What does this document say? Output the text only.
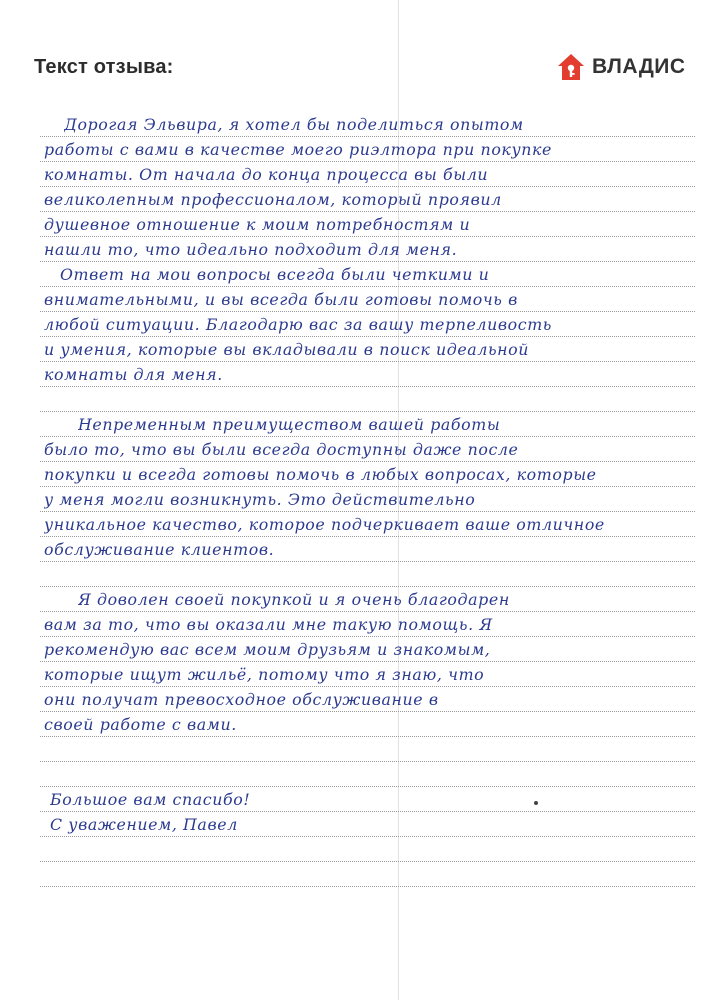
Текст отзыва:	ВЛАДИС
Дорогая Эльвира, я хотел бы поделиться опытом
работы с вами в качестве моего риэлтора при покупке
комнаты. От начала до конца процесса вы были
великолепным профессионалом, который проявил
душевное отношение к моим потребностям и
нашли то, что идеально подходит для меня.
Ответ на мои вопросы всегда были четкими и
внимательными, и вы всегда были готовы помочь в
любой ситуации. Благодарю вас за вашу терпеливость
и умения, которые вы вкладывали в поиск идеальной
комнаты для меня.
Непременным преимуществом вашей работы
было то, что вы были всегда доступны даже после
покупки и всегда готовы помочь в любых вопросах, которые
у меня могли возникнуть. Это действительно
уникальное качество, которое подчеркивает ваше отличное
обслуживание клиентов.
Я доволен своей покупкой и я очень благодарен
вам за то, что вы оказали мне такую помощь. Я
рекомендую вас всем моим друзьям и знакомым,
которые ищут жильё, потому что я знаю, что
они получат превосходное обслуживание в
своей работе с вами.
Большое вам спасибо!
С уважением, Павел
